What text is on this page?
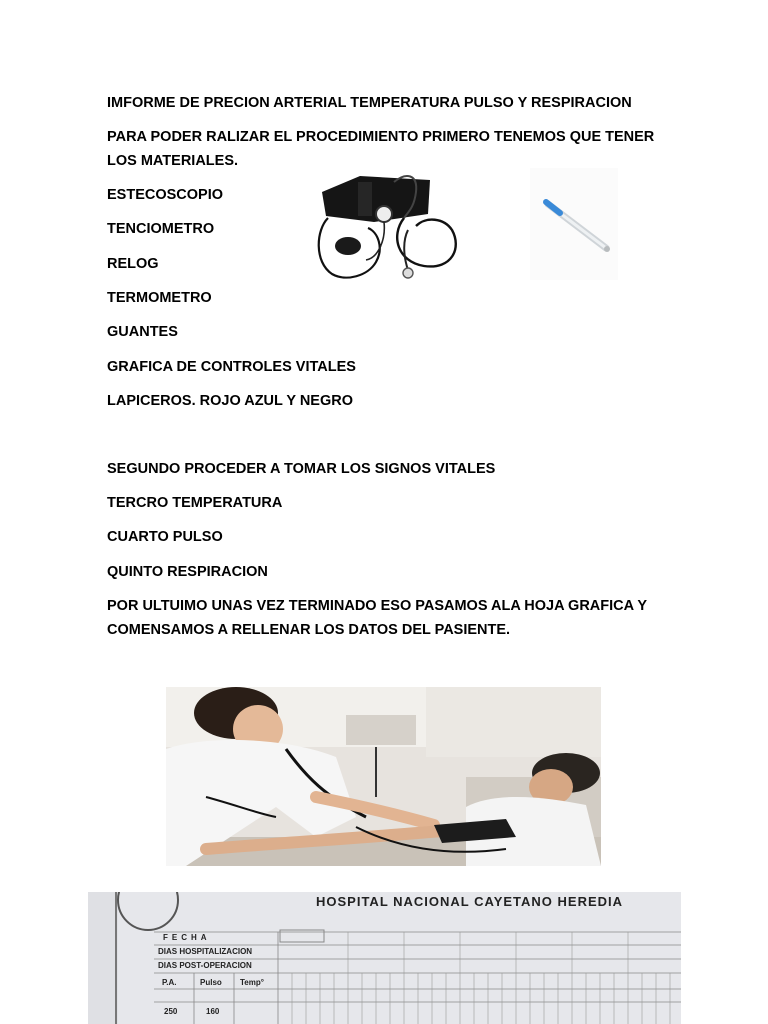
IMFORME DE PRECION ARTERIAL TEMPERATURA PULSO Y RESPIRACION

PARA PODER RALIZAR EL PROCEDIMIENTO PRIMERO TENEMOS QUE TENER LOS MATERIALES.

ESTECOSCOPIO

TENCIOMETRO

RELOG

TERMOMETRO

GUANTES

GRAFICA DE CONTROLES VITALES

LAPICEROS. ROJO AZUL Y NEGRO

SEGUNDO PROCEDER A TOMAR LOS SIGNOS VITALES

TERCRO TEMPERATURA

CUARTO PULSO

QUINTO RESPIRACION

POR ULTUIMO UNAS VEZ TERMINADO ESO PASAMOS ALA HOJA GRAFICA Y COMENSAMOS A RELLENAR LOS DATOS DEL PASIENTE.

HOSPITAL NACIONAL CAYETANO HEREDIA
FECHA
DIAS HOSPITALIZACION
DIAS POST-OPERACION
P.A.	Pulso Temp°
250	160
